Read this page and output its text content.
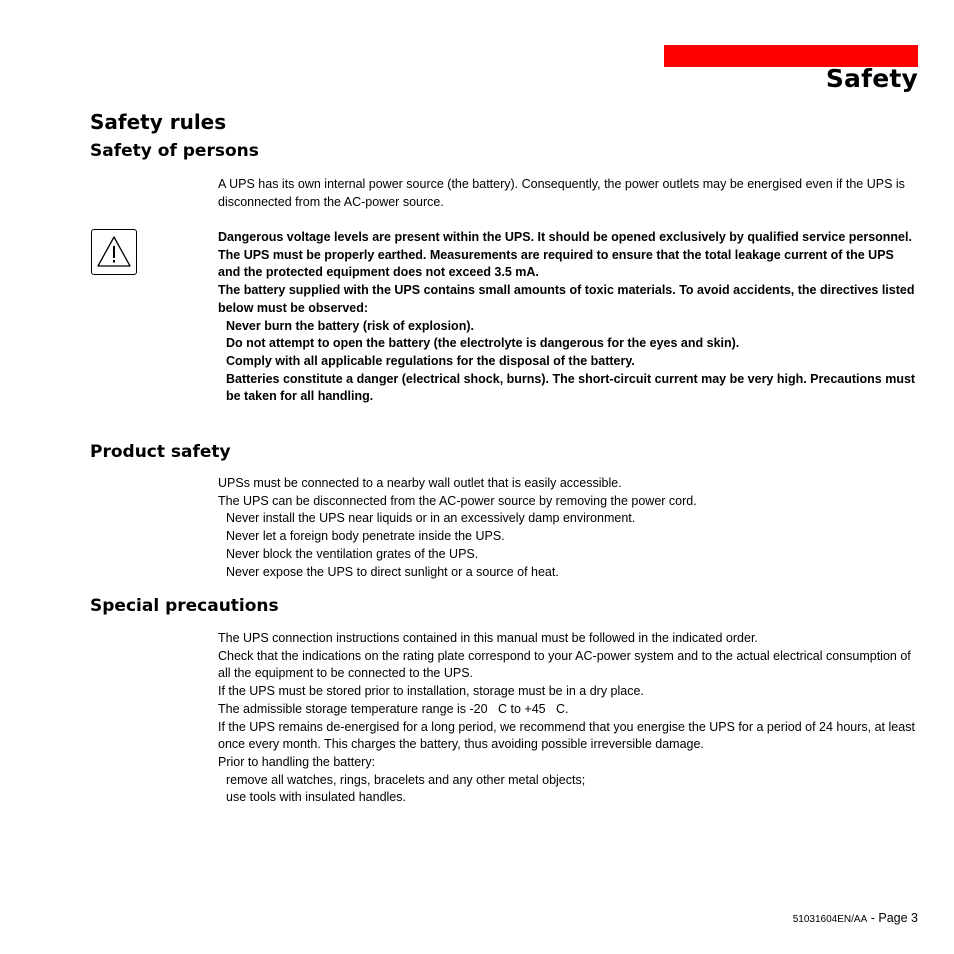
Safety
Safety rules
Safety of persons

A UPS has its own internal power source (the battery). Consequently, the power outlets may be energised even if the UPS is disconnected from the AC-power source.

Dangerous voltage levels are present within the UPS. It should be opened exclusively by qualified service personnel.

The UPS must be properly earthed. Measurements are required to ensure that the total leakage current of the UPS and the protected equipment does not exceed 3.5 mA.

The battery supplied with the UPS contains small amounts of toxic materials. To avoid accidents, the directives listed below must be observed:

Never burn the battery (risk of explosion).

Do not attempt to open the battery (the electrolyte is dangerous for the eyes and skin).

Comply with all applicable regulations for the disposal of the battery.

Batteries constitute a danger (electrical shock, burns). The short-circuit current may be very high. Precautions must be taken for all handling.

Product safety

UPSs must be connected to a nearby wall outlet that is easily accessible.

The UPS can be disconnected from the AC-power source by removing the power cord.

Never install the UPS near liquids or in an excessively damp environment.

Never let a foreign body penetrate inside the UPS.

Never block the ventilation grates of the UPS.

Never expose the UPS to direct sunlight or a source of heat.

Special precautions

The UPS connection instructions contained in this manual must be followed in the indicated order.

Check that the indications on the rating plate correspond to your AC-power system and to the actual electrical consumption of all the equipment to be connected to the UPS.

If the UPS must be stored prior to installation, storage must be in a dry place.

The admissible storage temperature range is -20   C to +45   C.

If the UPS remains de-energised for a long period, we recommend that you energise the UPS for a period of 24 hours, at least once every month. This charges the battery, thus avoiding possible irreversible damage.

Prior to handling the battery:

remove all watches, rings, bracelets and any other metal objects;

use tools with insulated handles.

51031604EN/AA - Page 3
